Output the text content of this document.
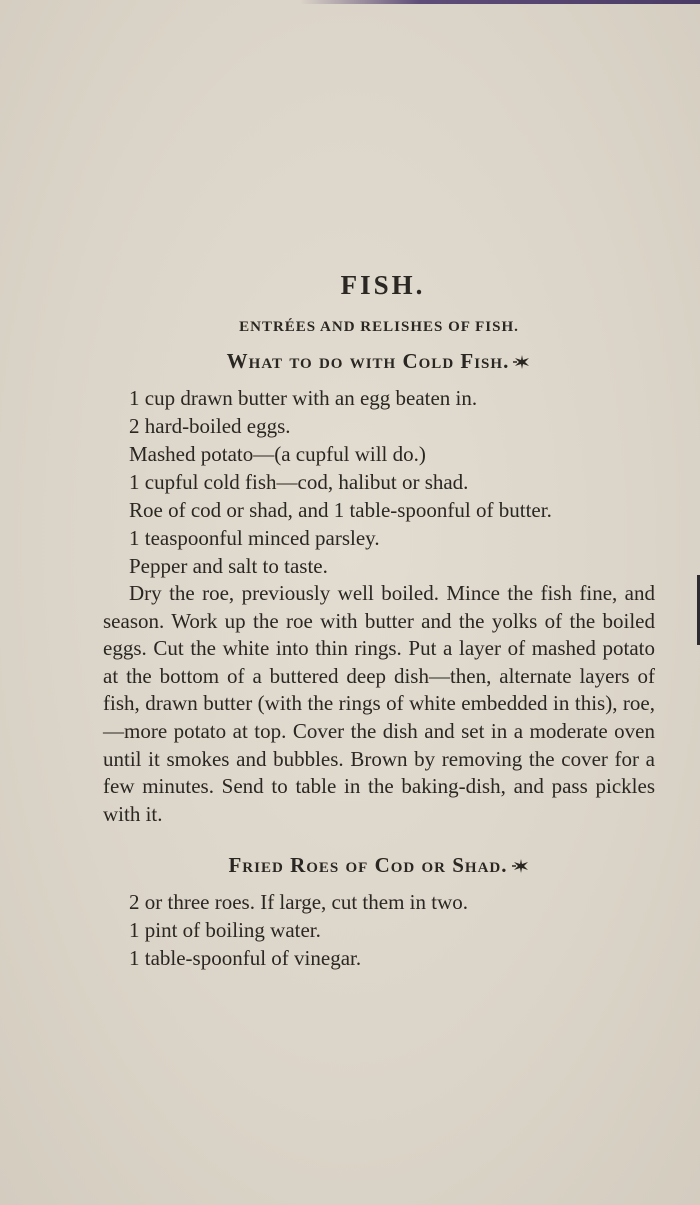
FISH.
ENTRÉES AND RELISHES OF FISH.
What to do with Cold Fish.
1 cup drawn butter with an egg beaten in.
2 hard-boiled eggs.
Mashed potato—(a cupful will do.)
1 cupful cold fish—cod, halibut or shad.
Roe of cod or shad, and 1 table-spoonful of butter.
1 teaspoonful minced parsley.
Pepper and salt to taste.

Dry the roe, previously well boiled. Mince the fish fine, and season. Work up the roe with butter and the yolks of the boiled eggs. Cut the white into thin rings. Put a layer of mashed potato at the bottom of a buttered deep dish—then, alternate layers of fish, drawn butter (with the rings of white embedded in this), roe,—more potato at top. Cover the dish and set in a moderate oven until it smokes and bubbles. Brown by removing the cover for a few minutes. Send to table in the baking-dish, and pass pickles with it.

Fried Roes of Cod or Shad.
2 or three roes. If large, cut them in two.
1 pint of boiling water.
1 table-spoonful of vinegar.
